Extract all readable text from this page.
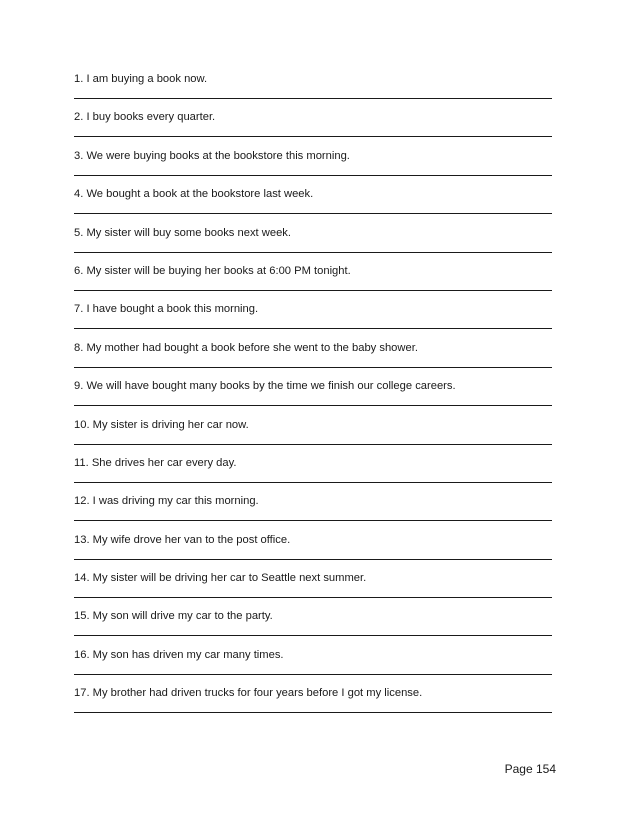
1. I am buying a book now.
2. I buy books every quarter.
3. We were buying books at the bookstore this morning.
4. We bought a book at the bookstore last week.
5. My sister will buy some books next week.
6. My sister will be buying her books at 6:00 PM tonight.
7. I have bought a book this morning.
8. My mother had bought a book before she went to the baby shower.
9. We will have bought many books by the time we finish our college careers.
10. My sister is driving her car now.
11. She drives her car every day.
12. I was driving my car this morning.
13. My wife drove her van to the post office.
14. My sister will be driving her car to Seattle next summer.
15. My son will drive my car to the party.
16. My son has driven my car many times.
17. My brother had driven trucks for four years before I got my license.
Page 154
